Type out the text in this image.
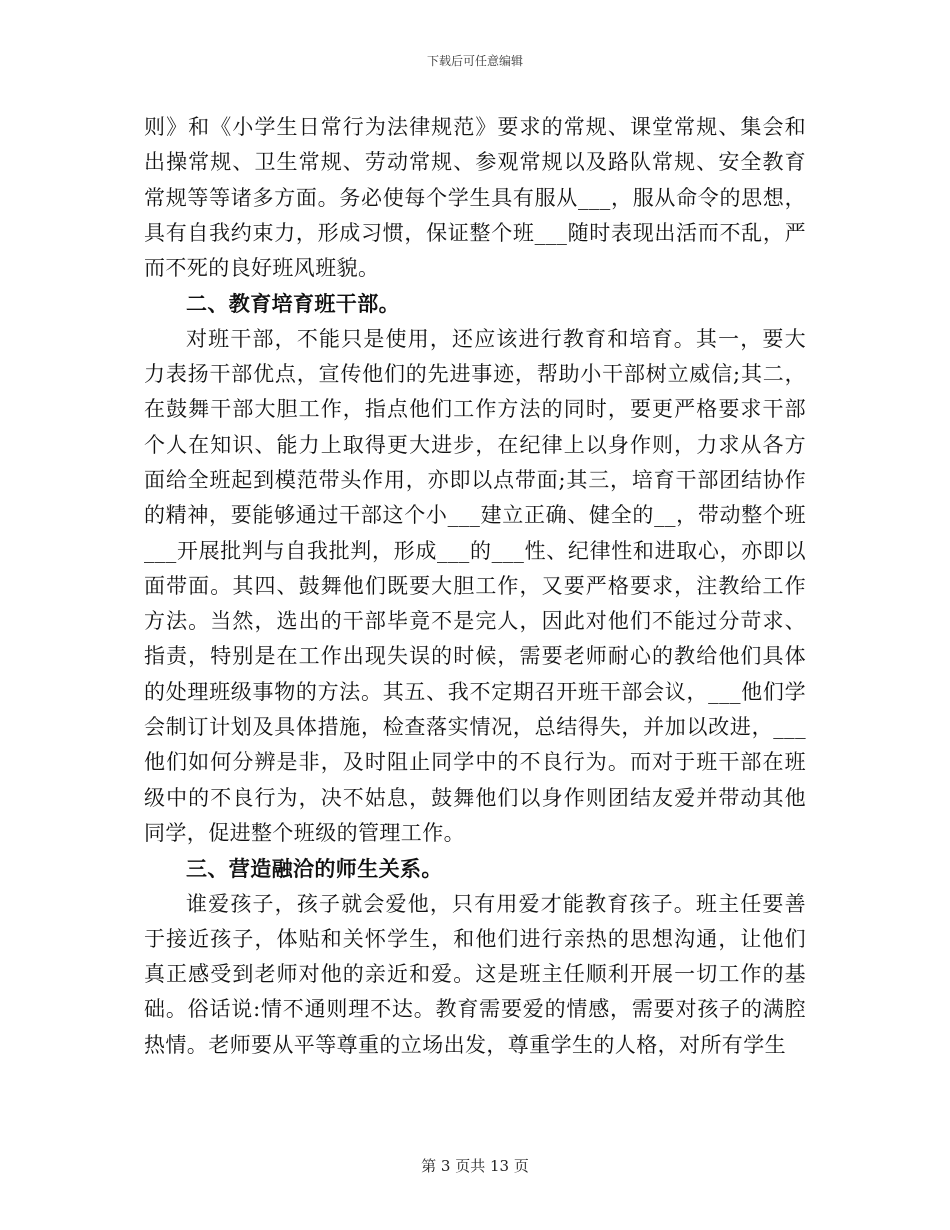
下载后可任意编辑

则》和《小学生日常行为法律规范》要求的常规、课堂常规、集会和出操常规、卫生常规、劳动常规、参观常规以及路队常规、安全教育常规等等诸多方面。务必使每个学生具有服从___，服从命令的思想，具有自我约束力，形成习惯，保证整个班___随时表现出活而不乱，严而不死的良好班风班貌。

二、教育培育班干部。

对班干部，不能只是使用，还应该进行教育和培育。其一，要大力表扬干部优点，宣传他们的先进事迹，帮助小干部树立威信;其二，在鼓舞干部大胆工作，指点他们工作方法的同时，要更严格要求干部个人在知识、能力上取得更大进步，在纪律上以身作则，力求从各方面给全班起到模范带头作用，亦即以点带面;其三，培育干部团结协作的精神，要能够通过干部这个小___建立正确、健全的__，带动整个班___开展批判与自我批判，形成___的___性、纪律性和进取心，亦即以面带面。其四、鼓舞他们既要大胆工作，又要严格要求，注教给工作方法。当然，选出的干部毕竟不是完人，因此对他们不能过分苛求、指责，特别是在工作出现失误的时候，需要老师耐心的教给他们具体的处理班级事物的方法。其五、我不定期召开班干部会议，___他们学会制订计划及具体措施，检查落实情况，总结得失，并加以改进，___他们如何分辨是非，及时阻止同学中的不良行为。而对于班干部在班级中的不良行为，决不姑息，鼓舞他们以身作则团结友爱并带动其他同学，促进整个班级的管理工作。

三、营造融洽的师生关系。

谁爱孩子，孩子就会爱他，只有用爱才能教育孩子。班主任要善于接近孩子，体贴和关怀学生，和他们进行亲热的思想沟通，让他们真正感受到老师对他的亲近和爱。这是班主任顺利开展一切工作的基础。俗话说:情不通则理不达。教育需要爱的情感，需要对孩子的满腔热情。老师要从平等尊重的立场出发，尊重学生的人格，对所有学生

第 3 页共 13 页
